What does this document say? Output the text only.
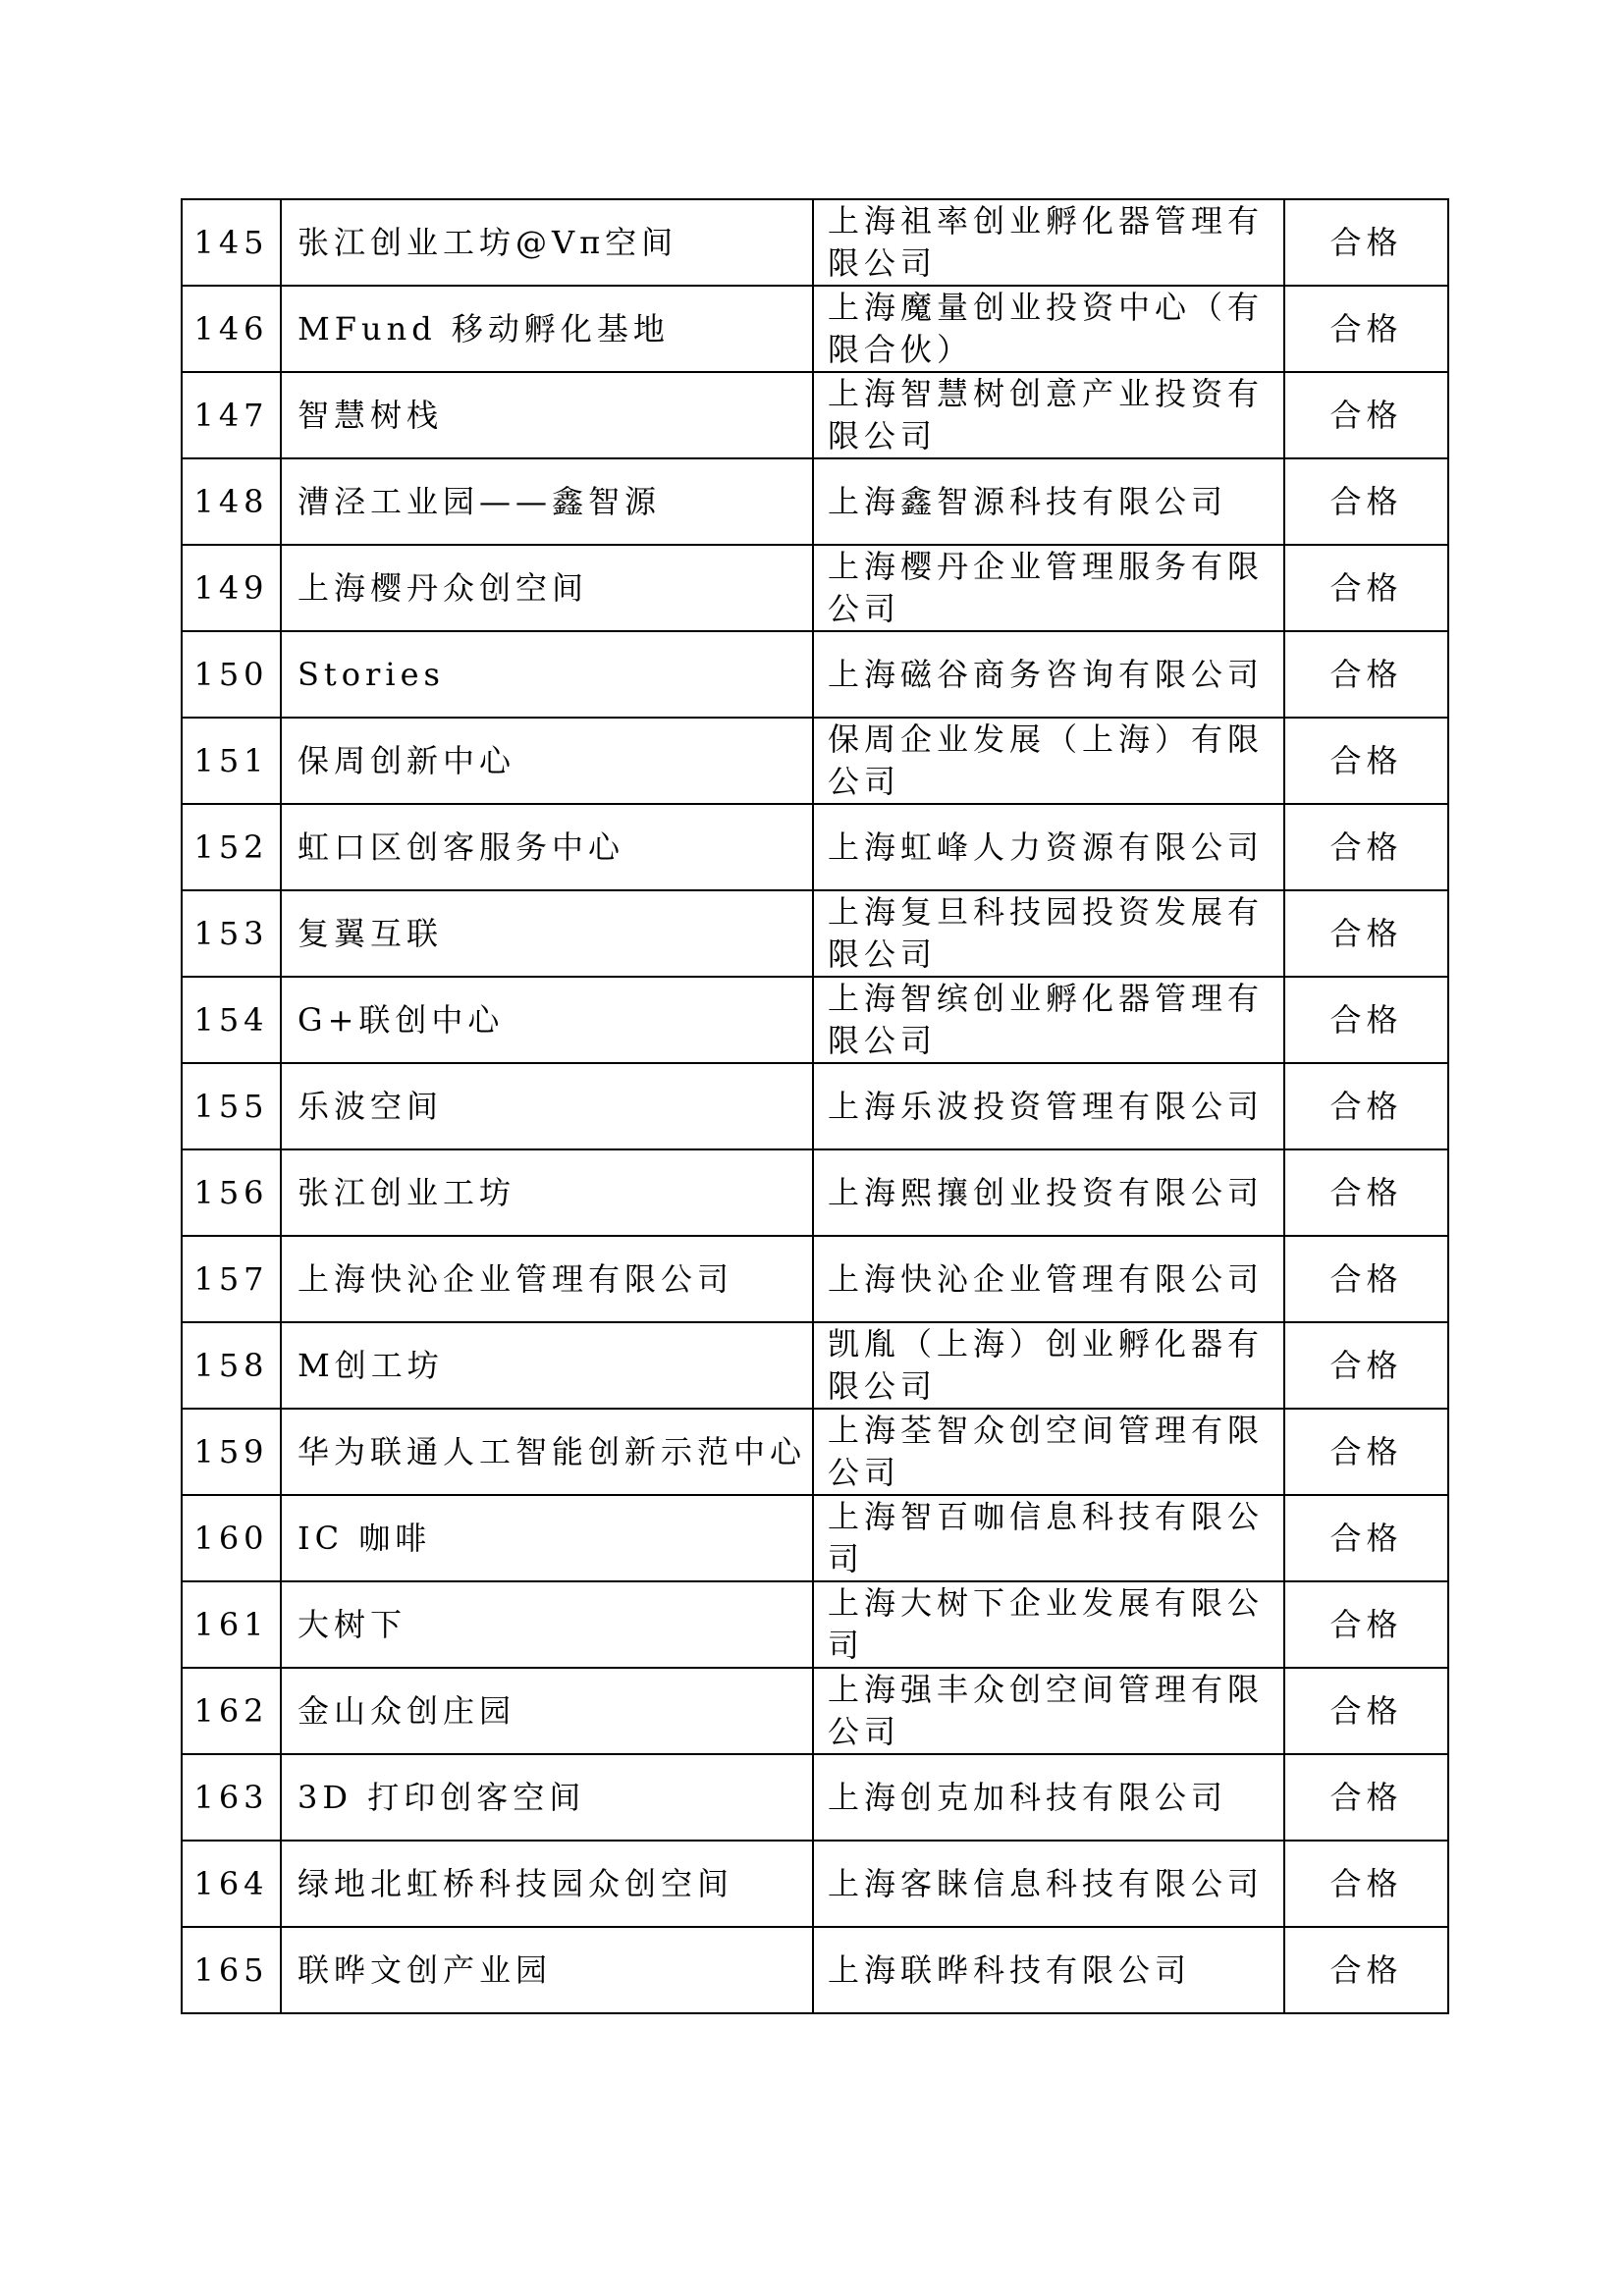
145	张江创业工坊@Vπ空间	上海祖率创业孵化器管理有限公司	合格
146	MFund 移动孵化基地	上海魔量创业投资中心（有限合伙）	合格
147	智慧树栈	上海智慧树创意产业投资有限公司	合格
148	漕泾工业园——鑫智源	上海鑫智源科技有限公司	合格
149	上海樱丹众创空间	上海樱丹企业管理服务有限公司	合格
150	Stories	上海磁谷商务咨询有限公司	合格
151	保周创新中心	保周企业发展（上海）有限公司	合格
152	虹口区创客服务中心	上海虹峰人力资源有限公司	合格
153	复翼互联	上海复旦科技园投资发展有限公司	合格
154	G+联创中心	上海智缤创业孵化器管理有限公司	合格
155	乐波空间	上海乐波投资管理有限公司	合格
156	张江创业工坊	上海熙攘创业投资有限公司	合格
157	上海快沁企业管理有限公司	上海快沁企业管理有限公司	合格
158	M创工坊	凯胤（上海）创业孵化器有限公司	合格
159	华为联通人工智能创新示范中心	上海荃智众创空间管理有限公司	合格
160	IC 咖啡	上海智百咖信息科技有限公司	合格
161	大树下	上海大树下企业发展有限公司	合格
162	金山众创庄园	上海强丰众创空间管理有限公司	合格
163	3D 打印创客空间	上海创克加科技有限公司	合格
164	绿地北虹桥科技园众创空间	上海客睐信息科技有限公司	合格
165	联晔文创产业园	上海联晔科技有限公司	合格
